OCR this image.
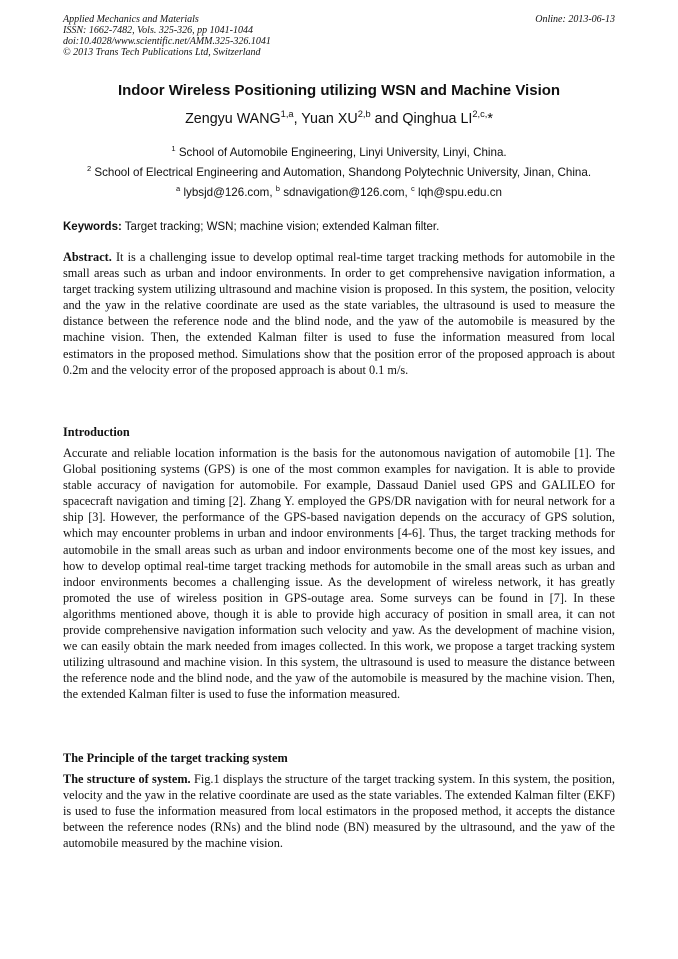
Applied Mechanics and Materials
ISSN: 1662-7482, Vols. 325-326, pp 1041-1044
doi:10.4028/www.scientific.net/AMM.325-326.1041
© 2013 Trans Tech Publications Ltd, Switzerland
Online: 2013-06-13
Indoor Wireless Positioning utilizing WSN and Machine Vision
Zengyu WANG$^{1,a}$, Yuan XU$^{2,b}$ and Qinghua $LI^{2,c,}*$
$^1$ School of Automobile Engineering, Linyi University, Linyi, China.
$^2$ School of Electrical Engineering and Automation, Shandong Polytechnic University, Jinan, China.
$^a$ lybsjd@126.com, $^b$ sdnavigation@126.com, $^c$ lqh@spu.edu.cn
Keywords: Target tracking; WSN; machine vision; extended Kalman filter.

Abstract. It is a challenging issue to develop optimal real-time target tracking methods for automobile in the small areas such as urban and indoor environments. In order to get comprehensive navigation information, a target tracking system utilizing ultrasound and machine vision is proposed. In this system, the position, velocity and the yaw in the relative coordinate are used as the state variables, the ultrasound is used to measure the distance between the reference node and the blind node, and the yaw of the automobile is measured by the machine vision. Then, the extended Kalman filter is used to fuse the information measured from local estimators in the proposed method. Simulations show that the position error of the proposed approach is about 0.2m and the velocity error of the proposed approach is about 0.1 m/s.

Introduction

Accurate and reliable location information is the basis for the autonomous navigation of automobile [1]. The Global positioning systems (GPS) is one of the most common examples for navigation. It is able to provide stable accuracy of navigation for automobile. For example, Dassaud Daniel used GPS and GALILEO for spacecraft navigation and timing [2]. Zhang Y. employed the GPS/DR navigation with for neural network for a ship [3]. However, the performance of the GPS-based navigation depends on the accuracy of GPS solution, which may encounter problems in urban and indoor environments [4-6]. Thus, the target tracking methods for automobile in the small areas such as urban and indoor environments become one of the most key issues, and how to develop optimal real-time target tracking methods for automobile in the small areas such as urban and indoor environments becomes a challenging issue. As the development of wireless network, it has greatly promoted the use of wireless position in GPS-outage area. Some surveys can be found in [7]. In these algorithms mentioned above, though it is able to provide high accuracy of position in small area, it can not provide comprehensive navigation information such velocity and yaw. As the development of machine vision, we can easily obtain the mark needed from images collected. In this work, we propose a target tracking system utilizing ultrasound and machine vision. In this system, the ultrasound is used to measure the distance between the reference node and the blind node, and the yaw of the automobile is measured by the machine vision. Then, the extended Kalman filter is used to fuse the information measured.

The Principle of the target tracking system

The structure of system. Fig.1 displays the structure of the target tracking system. In this system, the position, velocity and the yaw in the relative coordinate are used as the state variables. The extended Kalman filter (EKF) is used to fuse the information measured from local estimators in the proposed method, it accepts the distance between the reference nodes (RNs) and the blind node (BN) measured by the ultrasound, and the yaw of the automobile measured by the machine vision.
